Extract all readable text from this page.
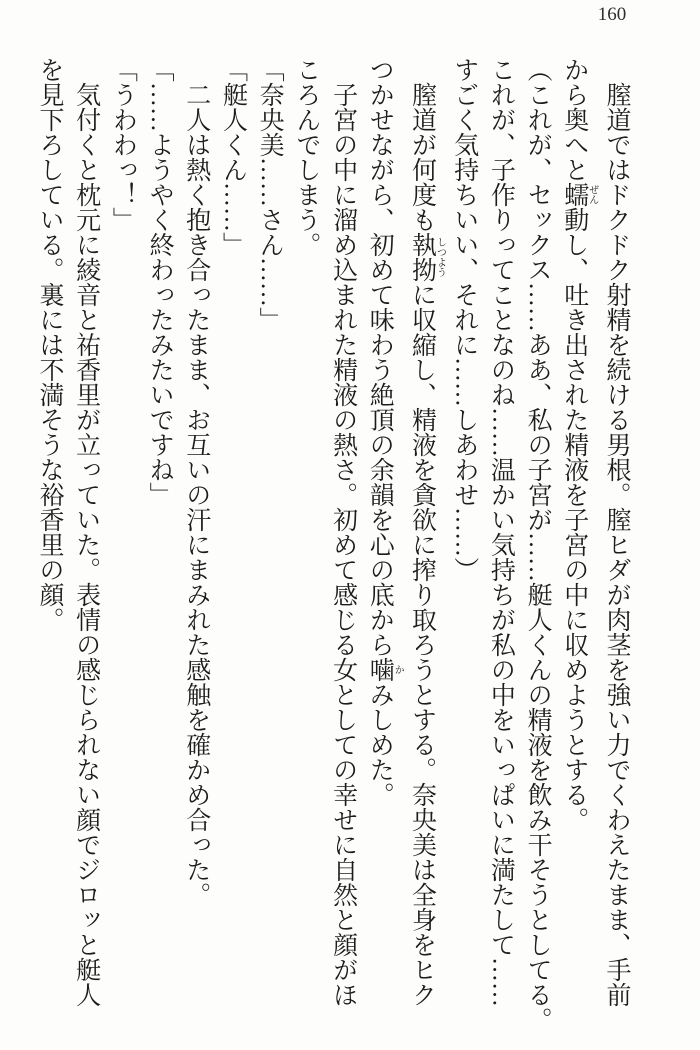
160
膣道ではドクドク射精を続ける男根。膣ヒダが肉茎を強い力でくわえたまま、手前
から奥へと蠕 ぜん動し、吐き出された精液を子宮の中に収めようとする。
（これが、セックス……ああ、私の子宮が……艇人くんの精液を飲み干そうとしてる。
これが、子作りってことなのね……温かい気持ちが私の中をいっぱいに満たして……
すごく気持ちいい、それに……しあわせ……）
膣道が何度も執拗 しつように収縮し、精液を貪欲に搾り取ろうとする。奈央美は全身をヒク
つかせながら、初めて味わう絶頂の余韻を心の底から噛 かみしめた。
子宮の中に溜め込まれた精液の熱さ。初めて感じる女としての幸せに自然と顔がほ
ころんでしまう。
「奈央美……さん……」
「艇人くん……」
二人は熱く抱き合ったまま、お互いの汗にまみれた感触を確かめ合った。
「……ようやく終わったみたいですね」
「うわわっ！」
気付くと枕元に綾音と祐香里が立っていた。表情の感じられない顔でジロッと艇人
を見下ろしている。裏には不満そうな裕香里の顔。
